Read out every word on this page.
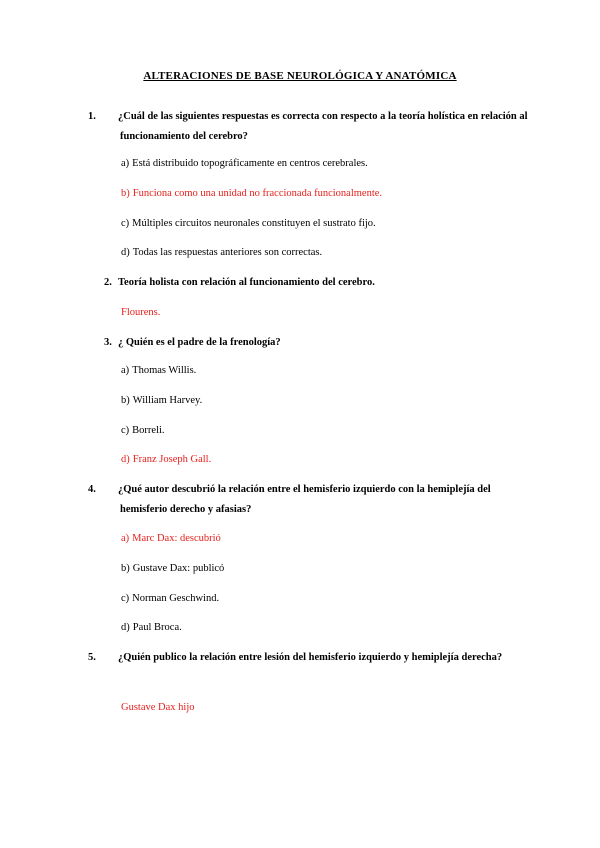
ALTERACIONES DE BASE NEUROLÓGICA Y ANATÓMICA

1. ¿Cuál de las siguientes respuestas es correcta con respecto a la teoría holística en relación al funcionamiento del cerebro?

a) Está distribuido topográficamente en centros cerebrales.

b) Funciona como una unidad no fraccionada funcionalmente.

c) Múltiples circuitos neuronales constituyen el sustrato fijo.

d) Todas las respuestas anteriores son correctas.

2. Teoría holista con relación al funcionamiento del cerebro.

Flourens.

3. ¿ Quién es el padre de la frenología?

a) Thomas Willis.

b) William Harvey.

c) Borreli.

d) Franz Joseph Gall.

4. ¿Qué autor descubrió la relación entre el hemisferio izquierdo con la hemiplejía del hemisferio derecho y afasias?

a) Marc Dax: descubrió

b) Gustave Dax: publicó

c) Norman Geschwind.

d) Paul Broca.

5. ¿Quién publico la relación entre lesión del hemisferio izquierdo y hemiplejía derecha?

Gustave Dax hijo
